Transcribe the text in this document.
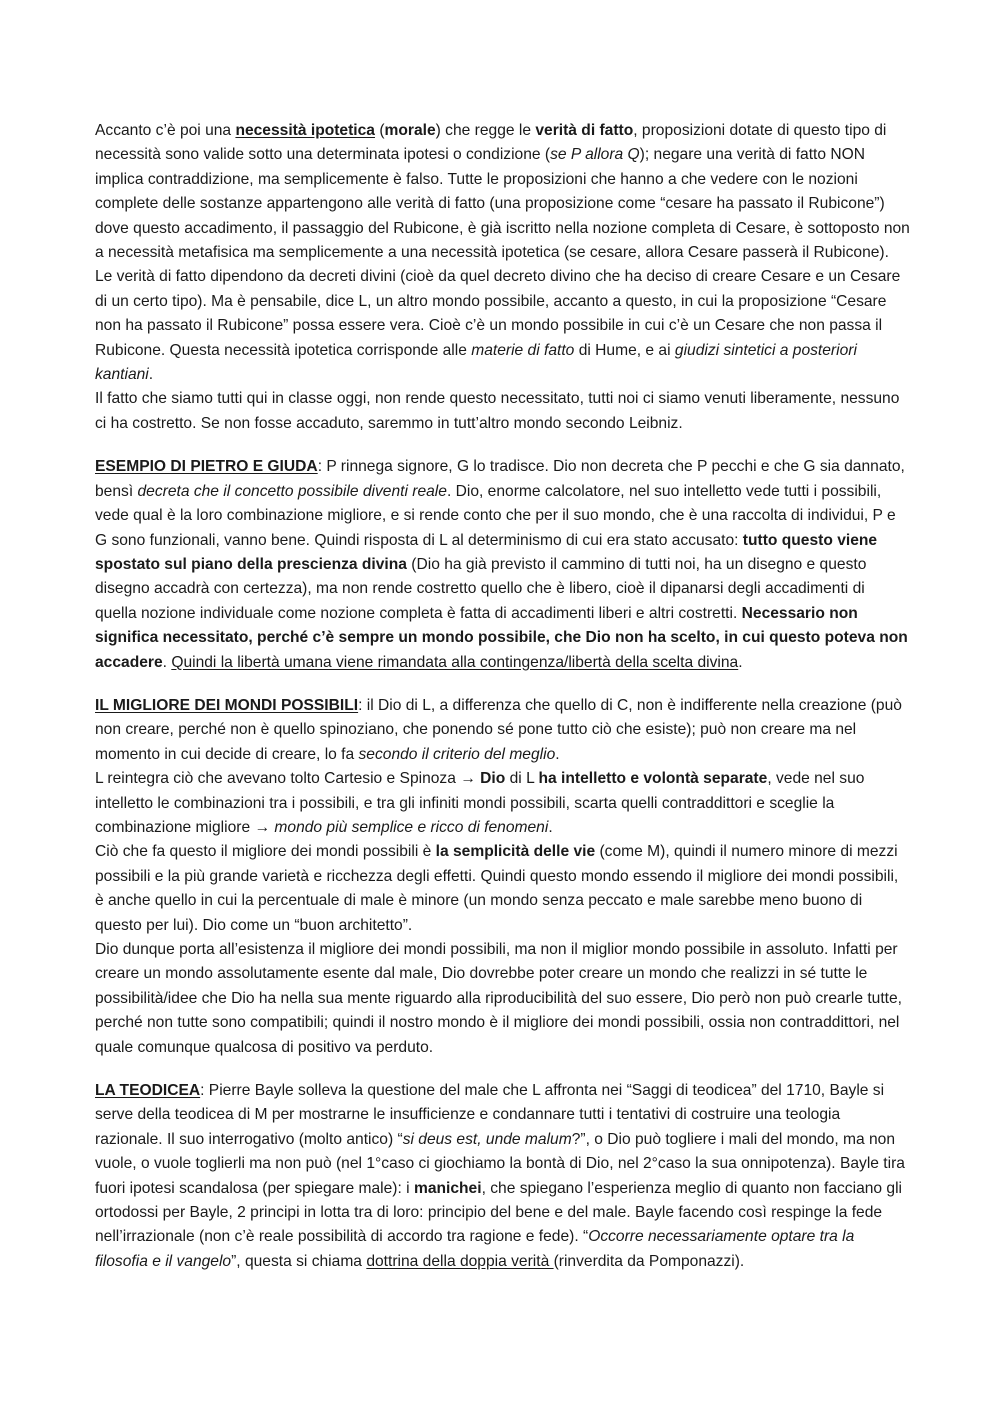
Accanto c’è poi una necessità ipotetica (morale) che regge le verità di fatto, proposizioni dotate di questo tipo di necessità sono valide sotto una determinata ipotesi o condizione (se P allora Q); negare una verità di fatto NON implica contraddizione, ma semplicemente è falso. Tutte le proposizioni che hanno a che vedere con le nozioni complete delle sostanze appartengono alle verità di fatto (una proposizione come “cesare ha passato il Rubicone”) dove questo accadimento, il passaggio del Rubicone, è già iscritto nella nozione completa di Cesare, è sottoposto non a necessità metafisica ma semplicemente a una necessità ipotetica (se cesare, allora Cesare passerà il Rubicone). Le verità di fatto dipendono da decreti divini (cioè da quel decreto divino che ha deciso di creare Cesare e un Cesare di un certo tipo). Ma è pensabile, dice L, un altro mondo possibile, accanto a questo, in cui la proposizione “Cesare non ha passato il Rubicone” possa essere vera. Cioè c’è un mondo possibile in cui c’è un Cesare che non passa il Rubicone. Questa necessità ipotetica corrisponde alle materie di fatto di Hume, e ai giudizi sintetici a posteriori kantiani.

Il fatto che siamo tutti qui in classe oggi, non rende questo necessitato, tutti noi ci siamo venuti liberamente, nessuno ci ha costretto. Se non fosse accaduto, saremmo in tutt’altro mondo secondo Leibniz.

ESEMPIO DI PIETRO E GIUDA: P rinnega signore, G lo tradisce. Dio non decreta che P pecchi e che G sia dannato, bensì decreta che il concetto possibile diventi reale. Dio, enorme calcolatore, nel suo intelletto vede tutti i possibili, vede qual è la loro combinazione migliore, e si rende conto che per il suo mondo, che è una raccolta di individui, P e G sono funzionali, vanno bene. Quindi risposta di L al determinismo di cui era stato accusato: tutto questo viene spostato sul piano della prescienza divina (Dio ha già previsto il cammino di tutti noi, ha un disegno e questo disegno accadrà con certezza), ma non rende costretto quello che è libero, cioè il dipanarsi degli accadimenti di quella nozione individuale come nozione completa è fatta di accadimenti liberi e altri costretti. Necessario non significa necessitato, perché c’è sempre un mondo possibile, che Dio non ha scelto, in cui questo poteva non accadere. Quindi la libertà umana viene rimandata alla contingenza/libertà della scelta divina.

IL MIGLIORE DEI MONDI POSSIBILI: il Dio di L, a differenza che quello di C, non è indifferente nella creazione (può non creare, perché non è quello spinoziano, che ponendo sé pone tutto ciò che esiste); può non creare ma nel momento in cui decide di creare, lo fa secondo il criterio del meglio.

L reintegra ciò che avevano tolto Cartesio e Spinoza → Dio di L ha intelletto e volontà separate, vede nel suo intelletto le combinazioni tra i possibili, e tra gli infiniti mondi possibili, scarta quelli contraddittori e sceglie la combinazione migliore → mondo più semplice e ricco di fenomeni.

Ciò che fa questo il migliore dei mondi possibili è la semplicità delle vie (come M), quindi il numero minore di mezzi possibili e la più grande varietà e ricchezza degli effetti. Quindi questo mondo essendo il migliore dei mondi possibili, è anche quello in cui la percentuale di male è minore (un mondo senza peccato e male sarebbe meno buono di questo per lui). Dio come un “buon architetto”.

Dio dunque porta all’esistenza il migliore dei mondi possibili, ma non il miglior mondo possibile in assoluto. Infatti per creare un mondo assolutamente esente dal male, Dio dovrebbe poter creare un mondo che realizzi in sé tutte le possibilità/idee che Dio ha nella sua mente riguardo alla riproducibilità del suo essere, Dio però non può crearle tutte, perché non tutte sono compatibili; quindi il nostro mondo è il migliore dei mondi possibili, ossia non contraddittori, nel quale comunque qualcosa di positivo va perduto.

LA TEODICEA: Pierre Bayle solleva la questione del male che L affronta nei “Saggi di teodicea” del 1710, Bayle si serve della teodicea di M per mostrarne le insufficienze e condannare tutti i tentativi di costruire una teologia razionale. Il suo interrogativo (molto antico) “si deus est, unde malum?”, o Dio può togliere i mali del mondo, ma non vuole, o vuole toglierli ma non può (nel 1°caso ci giochiamo la bontà di Dio, nel 2°caso la sua onnipotenza). Bayle tira fuori ipotesi scandalosa (per spiegare male): i manichei, che spiegano l’esperienza meglio di quanto non facciano gli ortodossi per Bayle, 2 principi in lotta tra di loro: principio del bene e del male. Bayle facendo così respinge la fede nell’irrazionale (non c’è reale possibilità di accordo tra ragione e fede). “Occorre necessariamente optare tra la filosofia e il vangelo”, questa si chiama dottrina della doppia verità (rinverdita da Pomponazzi).
